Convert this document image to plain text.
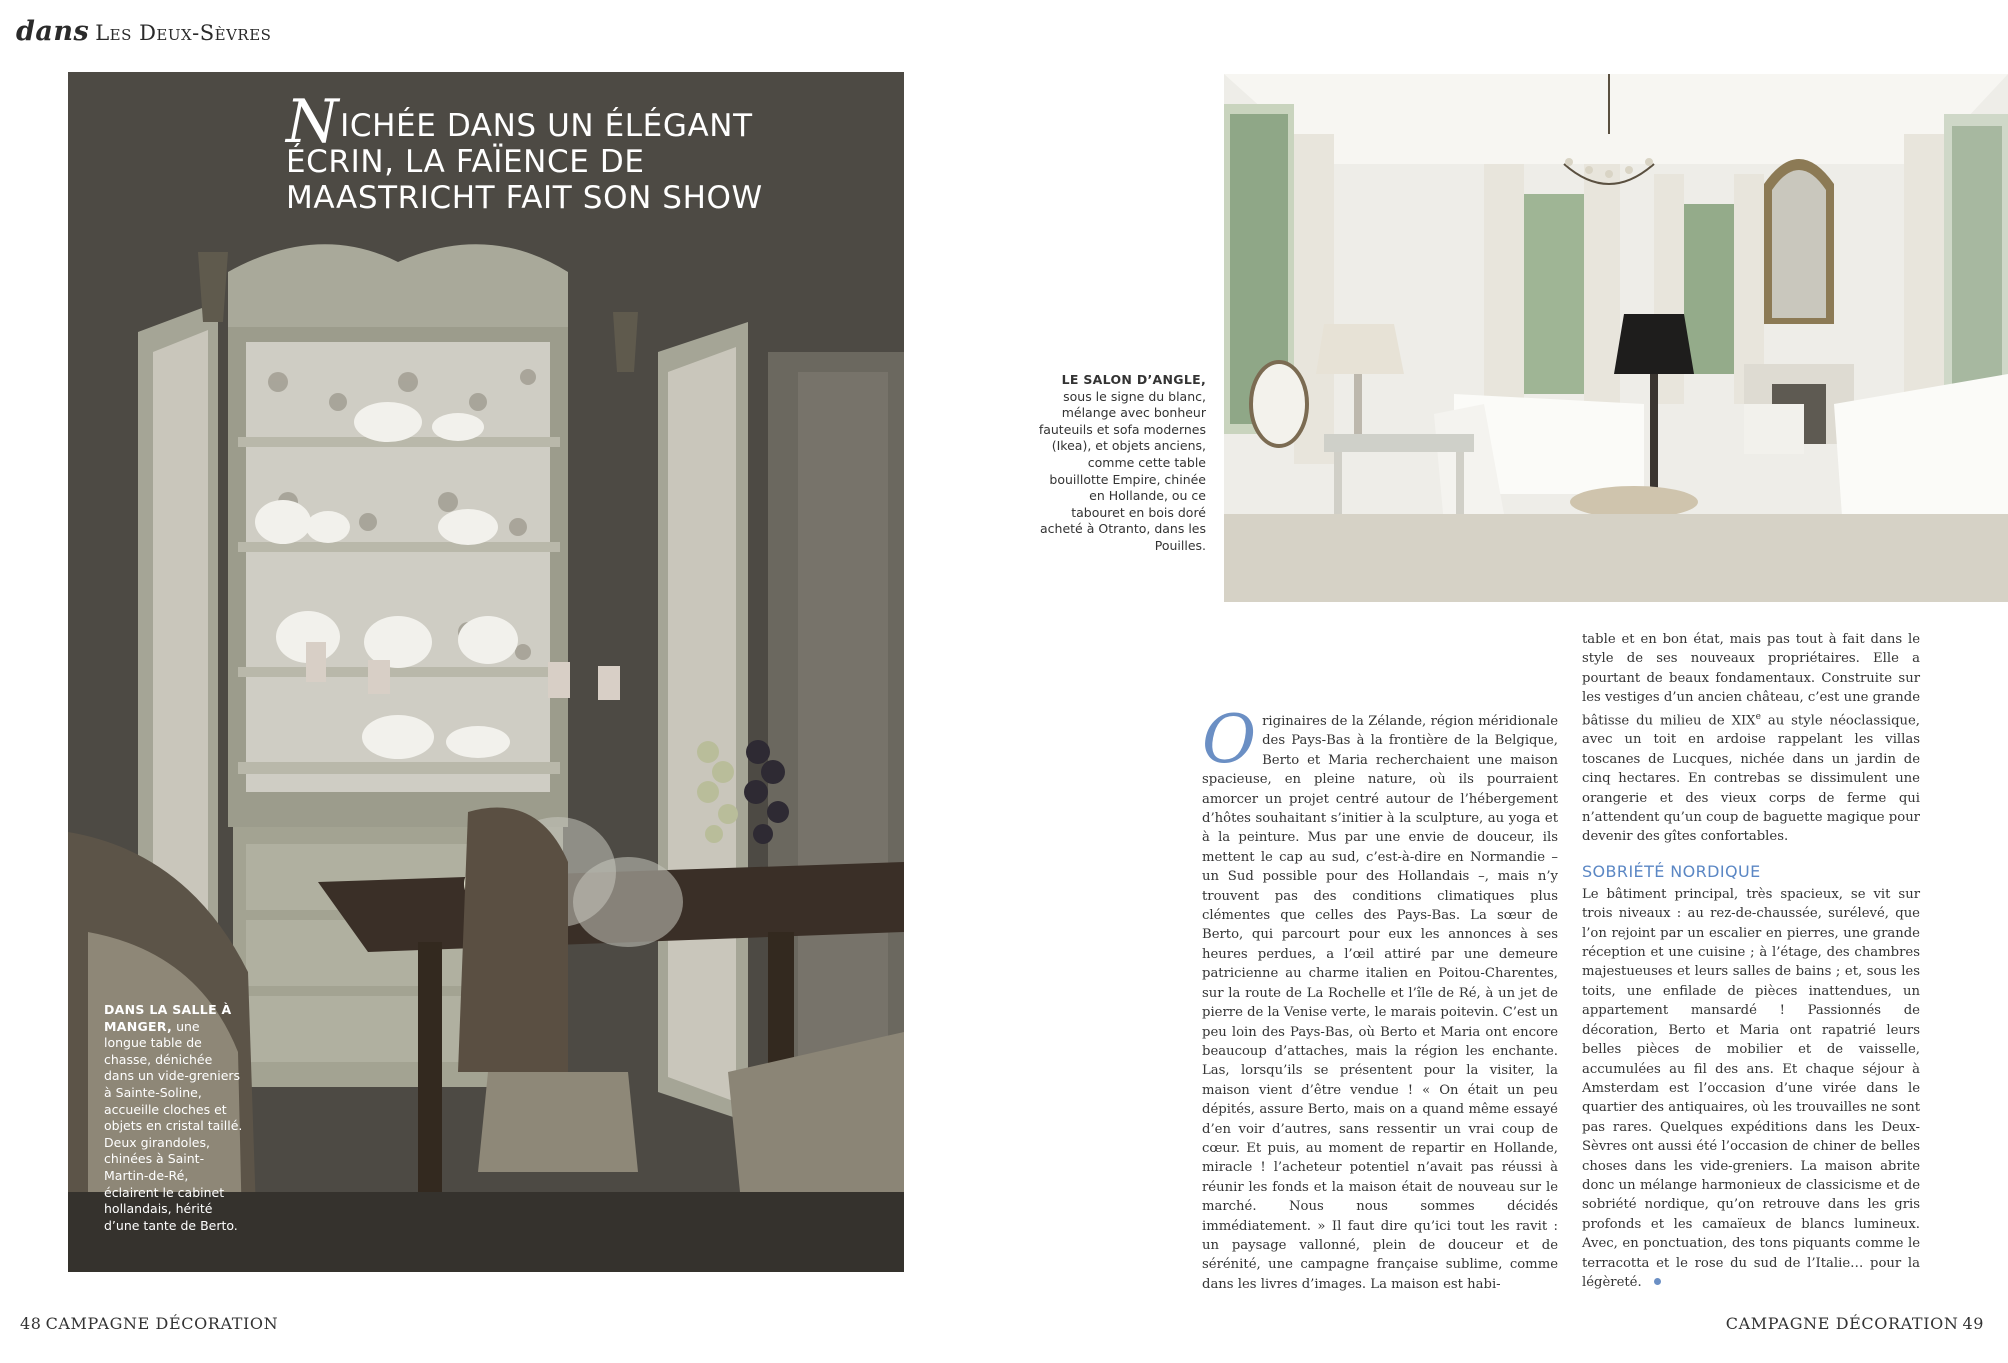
dans Les Deux-Sèvres
NICHÉE DANS UN ÉLÉGANT ÉCRIN, LA FAÏENCE DE MAASTRICHT FAIT SON SHOW
DANS LA SALLE À MANGER, une longue table de chasse, dénichée dans un vide-greniers à Sainte-Soline, accueille cloches et objets en cristal taillé. Deux girandoles, chinées à Saint-Martin-de-Ré, éclairent le cabinet hollandais, hérité d’une tante de Berto.
LE SALON D’ANGLE, sous le signe du blanc, mélange avec bonheur fauteuils et sofa modernes (Ikea), et objets anciens, comme cette table bouillotte Empire, chinée en Hollande, ou ce tabouret en bois doré acheté à Otranto, dans les Pouilles.

Originaires de la Zélande, région méridionale des Pays-Bas à la frontière de la Belgique, Berto et Maria recherchaient une maison spacieuse, en pleine nature, où ils pourraient amorcer un projet centré autour de l’hébergement d’hôtes souhaitant s’initier à la sculpture, au yoga et à la peinture. Mus par une envie de douceur, ils mettent le cap au sud, c’est-à-dire en Normandie – un Sud possible pour des Hollandais –, mais n’y trouvent pas des conditions climatiques plus clémentes que celles des Pays-Bas. La sœur de Berto, qui parcourt pour eux les annonces à ses heures perdues, a l’œil attiré par une demeure patricienne au charme italien en Poitou-Charentes, sur la route de La Rochelle et l’île de Ré, à un jet de pierre de la Venise verte, le marais poitevin. C’est un peu loin des Pays-Bas, où Berto et Maria ont encore beaucoup d’attaches, mais la région les enchante. Las, lorsqu’ils se présentent pour la visiter, la maison vient d’être vendue ! « On était un peu dépités, assure Berto, mais on a quand même essayé d’en voir d’autres, sans ressentir un vrai coup de cœur. Et puis, au moment de repartir en Hollande, miracle ! l’acheteur potentiel n’avait pas réussi à réunir les fonds et la maison était de nouveau sur le marché. Nous nous sommes décidés immédiatement. » Il faut dire qu’ici tout les ravit : un paysage vallonné, plein de douceur et de sérénité, une campagne française sublime, comme dans les livres d’images. La maison est habi-

table et en bon état, mais pas tout à fait dans le style de ses nouveaux propriétaires. Elle a pourtant de beaux fondamentaux. Construite sur les vestiges d’un ancien château, c’est une grande bâtisse du milieu de XIXe au style néoclassique, avec un toit en ardoise rappelant les villas toscanes de Lucques, nichée dans un jardin de cinq hectares. En contrebas se dissimulent une orangerie et des vieux corps de ferme qui n’attendent qu’un coup de baguette magique pour devenir des gîtes confortables.

SOBRIÉTÉ NORDIQUE

Le bâtiment principal, très spacieux, se vit sur trois niveaux : au rez-de-chaussée, surélevé, que l’on rejoint par un escalier en pierres, une grande réception et une cuisine ; à l’étage, des chambres majestueuses et leurs salles de bains ; et, sous les toits, une enfilade de pièces inattendues, un appartement mansardé ! Passionnés de décoration, Berto et Maria ont rapatrié leurs belles pièces de mobilier et de vaisselle, accumulées au fil des ans. Et chaque séjour à Amsterdam est l’occasion d’une virée dans le quartier des antiquaires, où les trouvailles ne sont pas rares. Quelques expéditions dans les Deux-Sèvres ont aussi été l’occasion de chiner de belles choses dans les vide-greniers. La maison abrite donc un mélange harmonieux de classicisme et de sobriété nordique, qu’on retrouve dans les gris profonds et les camaïeux de blancs lumineux. Avec, en ponctuation, des tons piquants comme le terracotta et le rose du sud de l’Italie… pour la légèreté.

48 CAMPAGNE DÉCORATION	CAMPAGNE DÉCORATION 49
